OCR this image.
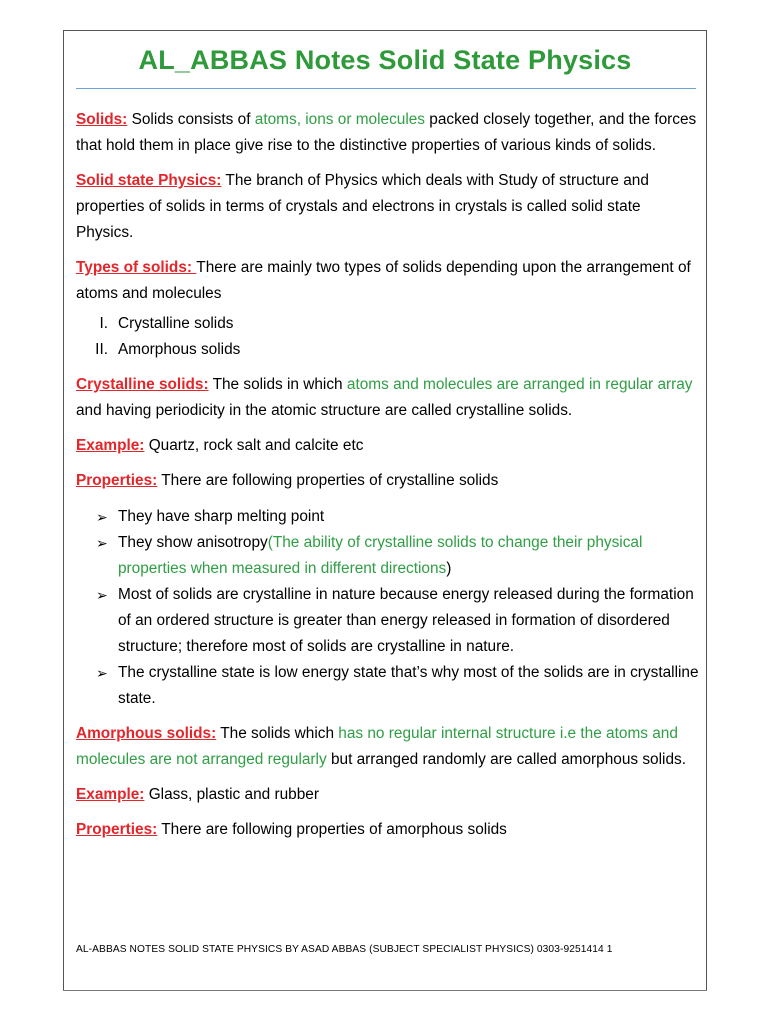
AL_ABBAS Notes Solid State Physics

Solids: Solids consists of atoms, ions or molecules packed closely together, and the forces that hold them in place give rise to the distinctive properties of various kinds of solids.

Solid state Physics: The branch of Physics which deals with Study of structure and properties of solids in terms of crystals and electrons in crystals is called solid state Physics.

Types of solids: There are mainly two types of solids depending upon the arrangement of atoms and molecules

I. Crystalline solids
II. Amorphous solids

Crystalline solids: The solids in which atoms and molecules are arranged in regular array and having periodicity in the atomic structure are called crystalline solids.

Example: Quartz, rock salt and calcite etc

Properties: There are following properties of crystalline solids

➢ They have sharp melting point
➢ They show anisotropy(The ability of crystalline solids to change their physical properties when measured in different directions)
➢ Most of solids are crystalline in nature because energy released during the formation of an ordered structure is greater than energy released in formation of disordered structure; therefore most of solids are crystalline in nature.
➢ The crystalline state is low energy state that’s why most of the solids are in crystalline state.

Amorphous solids: The solids which has no regular internal structure i.e the atoms and molecules are not arranged regularly but arranged randomly are called amorphous solids.

Example: Glass, plastic and rubber

Properties: There are following properties of amorphous solids

AL-ABBAS NOTES SOLID STATE PHYSICS BY ASAD ABBAS (SUBJECT SPECIALIST PHYSICS) 0303-9251414 1
